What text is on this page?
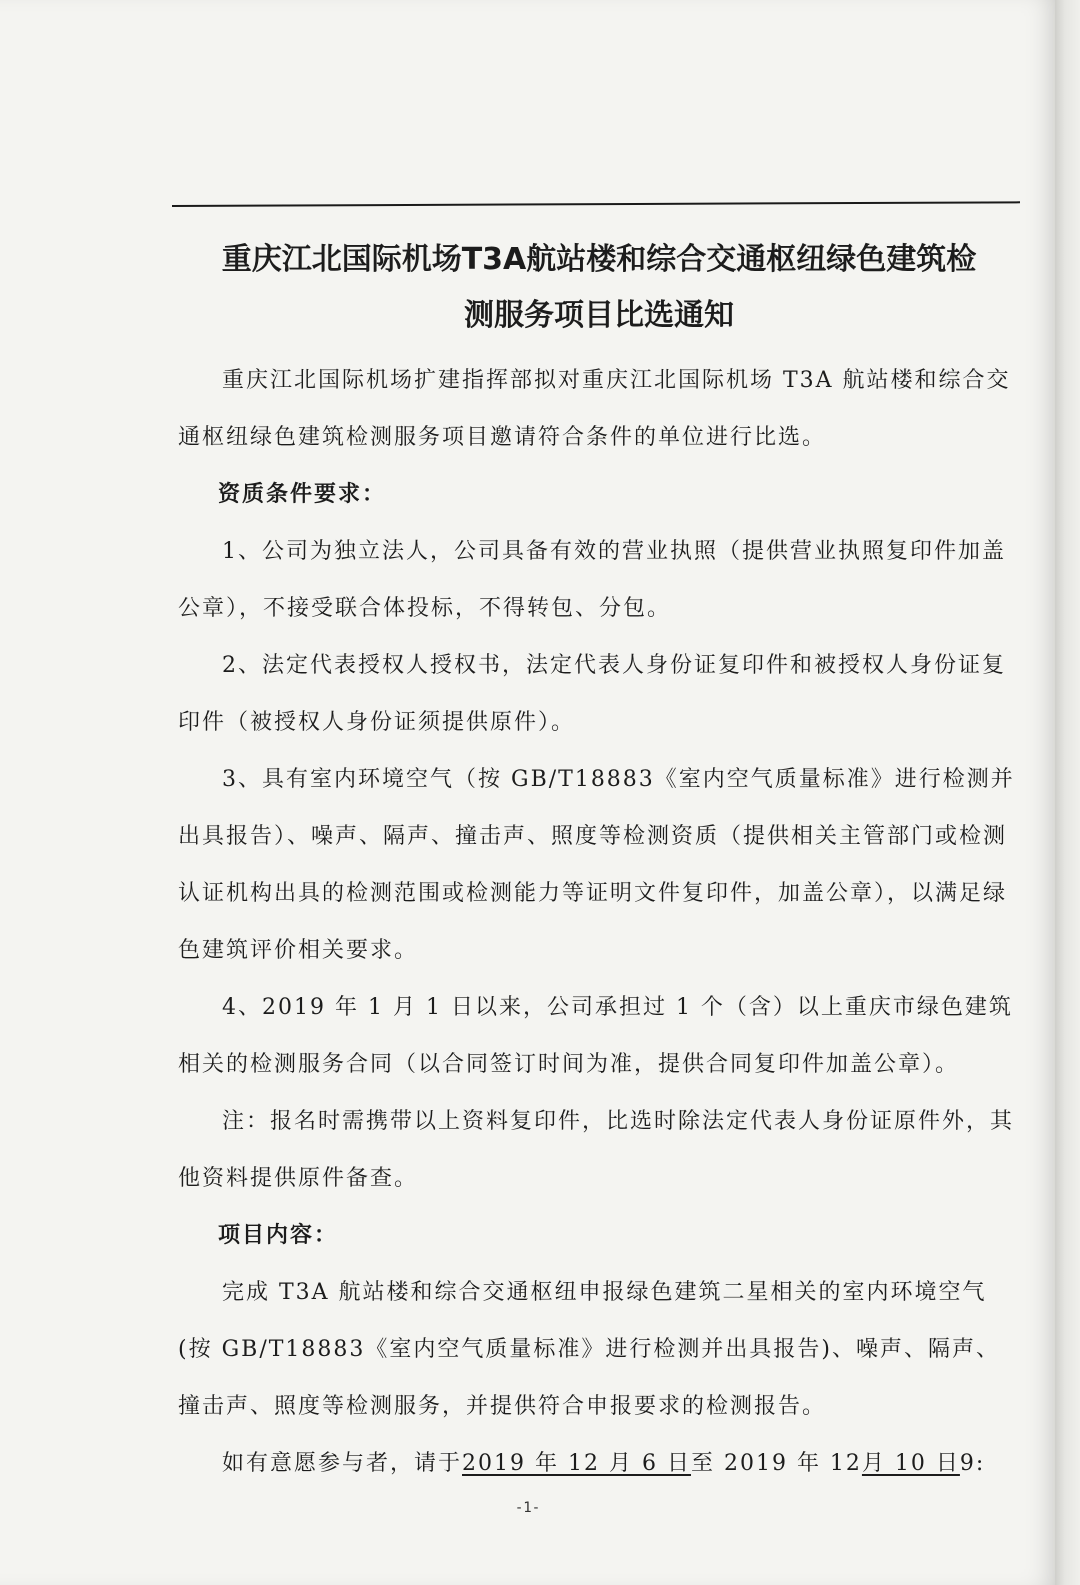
重庆江北国际机场T3A航站楼和综合交通枢纽绿色建筑检
测服务项目比选通知

重庆江北国际机场扩建指挥部拟对重庆江北国际机场 T3A 航站楼和综合交通枢纽绿色建筑检测服务项目邀请符合条件的单位进行比选。

资质条件要求：

1、公司为独立法人，公司具备有效的营业执照（提供营业执照复印件加盖公章），不接受联合体投标，不得转包、分包。

2、法定代表授权人授权书，法定代表人身份证复印件和被授权人身份证复印件（被授权人身份证须提供原件）。

3、具有室内环境空气（按 GB/T18883《室内空气质量标准》进行检测并出具报告）、噪声、隔声、撞击声、照度等检测资质（提供相关主管部门或检测认证机构出具的检测范围或检测能力等证明文件复印件，加盖公章），以满足绿色建筑评价相关要求。

4、2019 年 1 月 1 日以来，公司承担过 1 个（含）以上重庆市绿色建筑相关的检测服务合同（以合同签订时间为准，提供合同复印件加盖公章）。

注：报名时需携带以上资料复印件，比选时除法定代表人身份证原件外，其他资料提供原件备查。

项目内容：

完成 T3A 航站楼和综合交通枢纽申报绿色建筑二星相关的室内环境空气(按 GB/T18883《室内空气质量标准》进行检测并出具报告)、噪声、隔声、撞击声、照度等检测服务，并提供符合申报要求的检测报告。

如有意愿参与者，请于2019 年 12 月 6 日至 2019 年 12月 10 日9:

-1-
